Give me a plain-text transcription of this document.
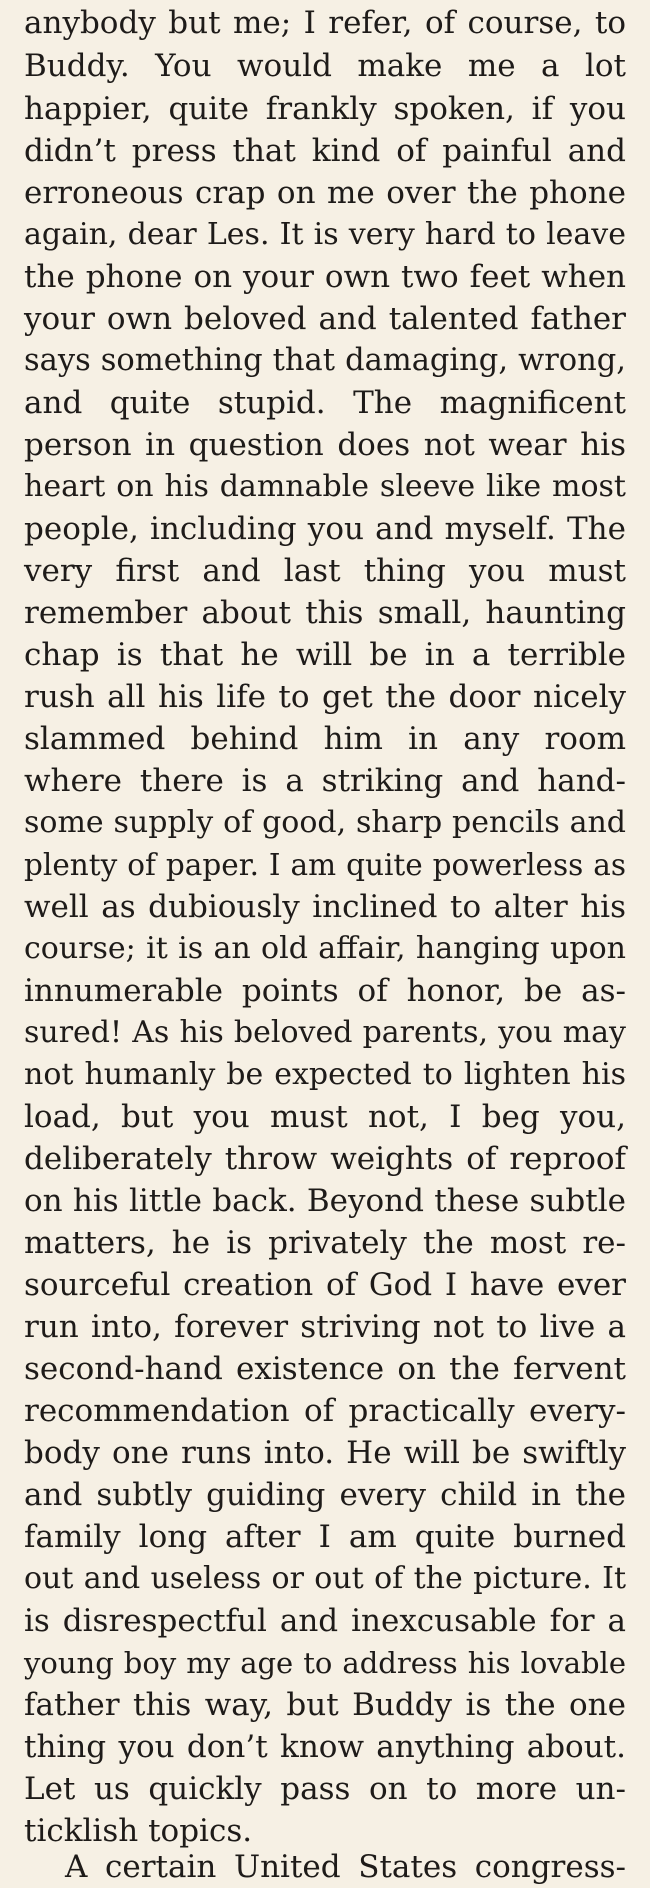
anybody but me; I refer, of course, to

Buddy. You would make me a lot

happier, quite frankly spoken, if you

didn’t press that kind of painful and

erroneous crap on me over the phone

again, dear Les. It is very hard to leave

the phone on your own two feet when

your own beloved and talented father

says something that damaging, wrong,

and quite stupid. The magnificent

person in question does not wear his

heart on his damnable sleeve like most

people, including you and myself. The

very first and last thing you must

remember about this small, haunting

chap is that he will be in a terrible

rush all his life to get the door nicely

slammed behind him in any room

where there is a striking and hand-

some supply of good, sharp pencils and

plenty of paper. I am quite powerless as

well as dubiously inclined to alter his

course; it is an old affair, hanging upon

innumerable points of honor, be as-

sured! As his beloved parents, you may

not humanly be expected to lighten his

load, but you must not, I beg you,

deliberately throw weights of reproof

on his little back. Beyond these subtle

matters, he is privately the most re-

sourceful creation of God I have ever

run into, forever striving not to live a

second-hand existence on the fervent

recommendation of practically every-

body one runs into. He will be swiftly

and subtly guiding every child in the

family long after I am quite burned

out and useless or out of the picture. It

is disrespectful and inexcusable for a

young boy my age to address his lovable

father this way, but Buddy is the one

thing you don’t know anything about.

Let us quickly pass on to more un-

ticklish topics.

A certain United States congress-
